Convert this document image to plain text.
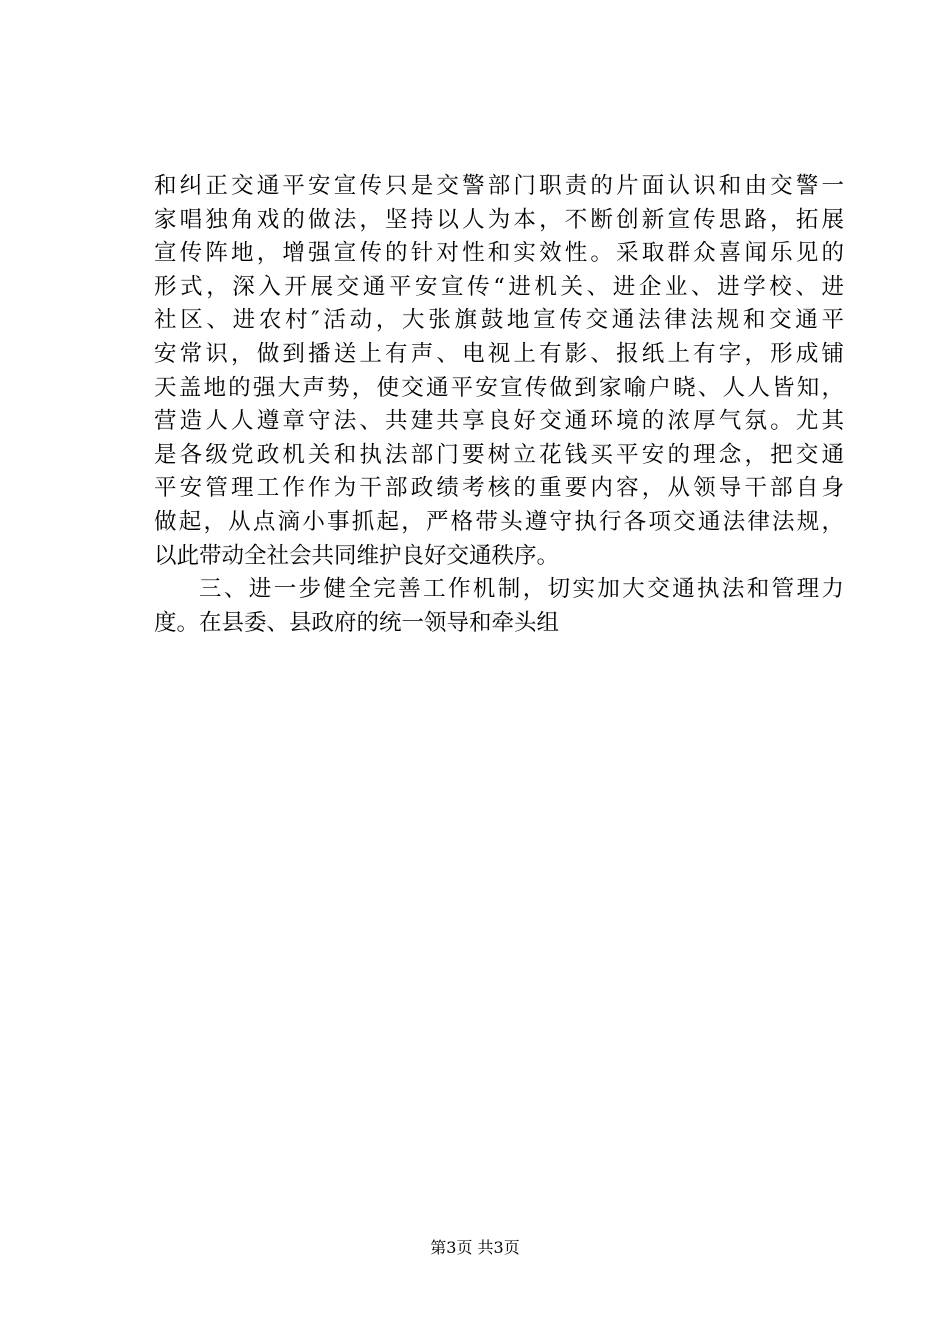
和纠正交通平安宣传只是交警部门职责的片面认识和由交警一
家唱独角戏的做法，坚持以人为本，不断创新宣传思路，拓展
宣传阵地，增强宣传的针对性和实效性。采取群众喜闻乐见的
形式，深入开展交通平安宣传“进机关、进企业、进学校、进
社区、进农村″活动，大张旗鼓地宣传交通法律法规和交通平
安常识，做到播送上有声、电视上有影、报纸上有字，形成铺
天盖地的强大声势，使交通平安宣传做到家喻户晓、人人皆知，
营造人人遵章守法、共建共享良好交通环境的浓厚气氛。尤其
是各级党政机关和执法部门要树立花钱买平安的理念，把交通
平安管理工作作为干部政绩考核的重要内容，从领导干部自身
做起，从点滴小事抓起，严格带头遵守执行各项交通法律法规，
以此带动全社会共同维护良好交通秩序。
三、进一步健全完善工作机制，切实加大交通执法和管理力
度。在县委、县政府的统一领导和牵头组
第3页 共3页
